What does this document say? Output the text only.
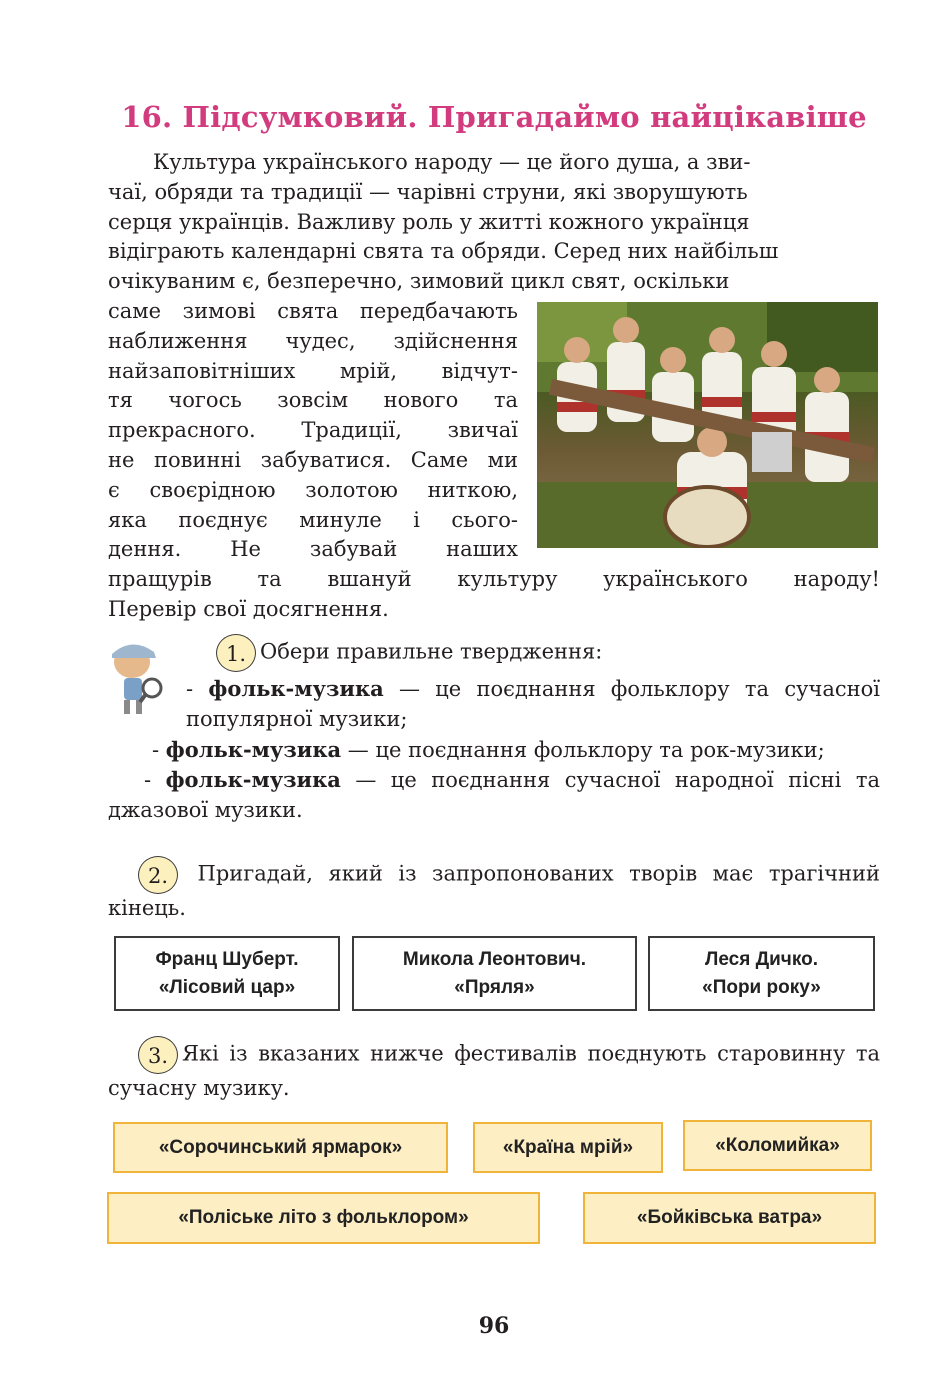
16. Підсумковий. Пригадаймо найцікавіше

Культура українського народу — це його душа, а зви-

чаї, обряди та традиції — чарівні струни, які зворушують

серця українців. Важливу роль у житті кожного українця

відіграють календарні свята та обряди. Серед них найбільш

очікуваним є, безперечно, зимовий цикл свят, оскільки

саме зимові свята передбачають

наближення чудес, здійснення

найзаповітніших мрій, відчут-

тя чогось зовсім нового та

прекрасного. Традиції, звичаї

не повинні забуватися. Саме ми

є своєрідною золотою ниткою,

яка поєднує минуле і сього-

дення. Не забувай наших

пращурів та вшануй культуру українського народу!

Перевір свої досягнення.

1. Обери правильне твердження:

- фольк-музика — це поєднання фольклору та сучасної популярної музики;

- фольк-музика — це поєднання фольклору та рок-музики;

- фольк-музика — це поєднання сучасної народної пісні та джазової музики.

2. Пригадай, який із запропонованих творів має трагічний кінець.

Франц Шуберт.
«Лісовий цар»
Микола Леонтович.
«Пряля»
Леся Дичко.
«Пори року»

3. Які із вказаних нижче фестивалів поєднують старовинну та сучасну музику.

«Сорочинський ярмарок»	«Країна мрій»	«Коломийка»
«Поліське літо з фольклором»	«Бойківська ватра»
96
